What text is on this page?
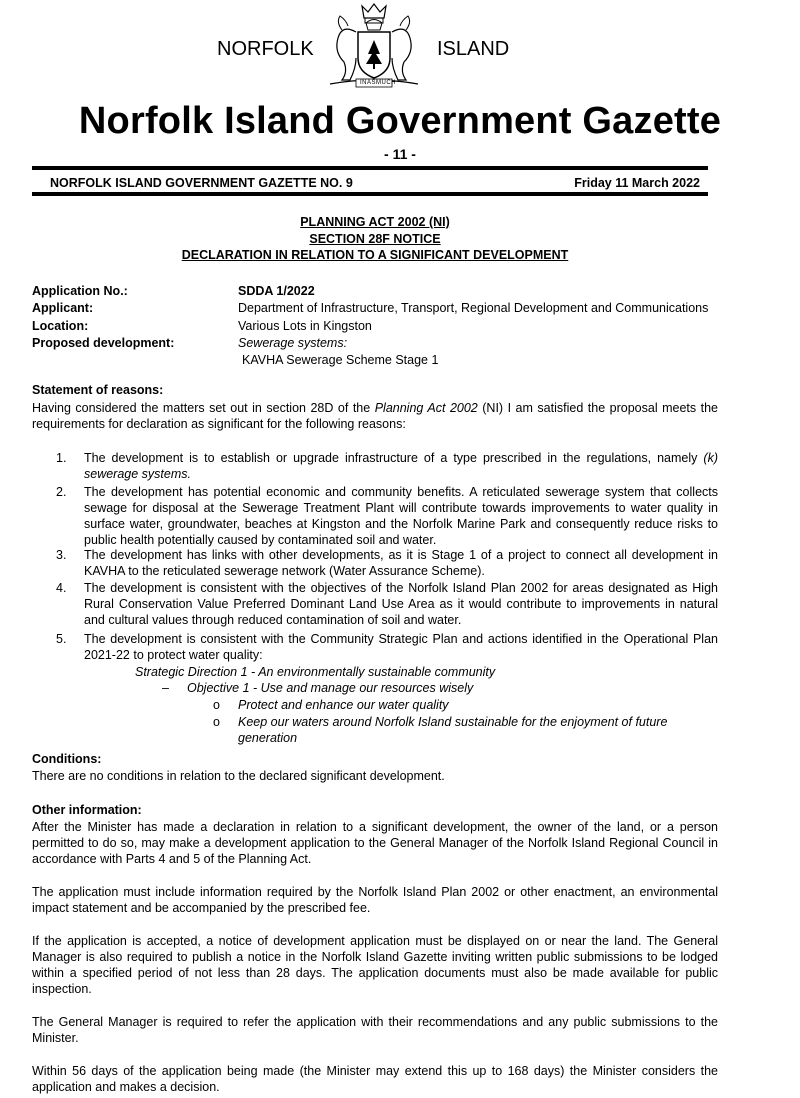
NORFOLK	ISLAND
INASMUCH
Norfolk Island Government Gazette
- 11 -
NORFOLK ISLAND GOVERNMENT GAZETTE NO. 9	Friday 11 March 2022
PLANNING ACT 2002 (NI)
SECTION 28F NOTICE
DECLARATION IN RELATION TO A SIGNIFICANT DEVELOPMENT
Application No.:	SDDA 1/2022
Applicant:	Department of Infrastructure, Transport, Regional Development and Communications
Location:	Various Lots in Kingston
Proposed development:	Sewerage systems:
KAVHA Sewerage Scheme Stage 1
Statement of reasons:
Having considered the matters set out in section 28D of the Planning Act 2002 (NI) I am satisfied the proposal meets the requirements for declaration as significant for the following reasons:
1. The development is to establish or upgrade infrastructure of a type prescribed in the regulations, namely (k) sewerage systems.
2. The development has potential economic and community benefits. A reticulated sewerage system that collects sewage for disposal at the Sewerage Treatment Plant will contribute towards improvements to water quality in surface water, groundwater, beaches at Kingston and the Norfolk Marine Park and consequently reduce risks to public health potentially caused by contaminated soil and water.
3. The development has links with other developments, as it is Stage 1 of a project to connect all development in KAVHA to the reticulated sewerage network (Water Assurance Scheme).
4. The development is consistent with the objectives of the Norfolk Island Plan 2002 for areas designated as High Rural Conservation Value Preferred Dominant Land Use Area as it would contribute to improvements in natural and cultural values through reduced contamination of soil and water.
5. The development is consistent with the Community Strategic Plan and actions identified in the Operational Plan 2021-22 to protect water quality:
Strategic Direction 1 - An environmentally sustainable community
– Objective 1 - Use and manage our resources wisely
o Protect and enhance our water quality
o Keep our waters around Norfolk Island sustainable for the enjoyment of future generation
Conditions:
There are no conditions in relation to the declared significant development.
Other information:
After the Minister has made a declaration in relation to a significant development, the owner of the land, or a person permitted to do so, may make a development application to the General Manager of the Norfolk Island Regional Council in accordance with Parts 4 and 5 of the Planning Act.
The application must include information required by the Norfolk Island Plan 2002 or other enactment, an environmental impact statement and be accompanied by the prescribed fee.
If the application is accepted, a notice of development application must be displayed on or near the land. The General Manager is also required to publish a notice in the Norfolk Island Gazette inviting written public submissions to be lodged within a specified period of not less than 28 days. The application documents must also be made available for public inspection.
The General Manager is required to refer the application with their recommendations and any public submissions to the Minister.
Within 56 days of the application being made (the Minister may extend this up to 168 days) the Minister considers the application and makes a decision.
